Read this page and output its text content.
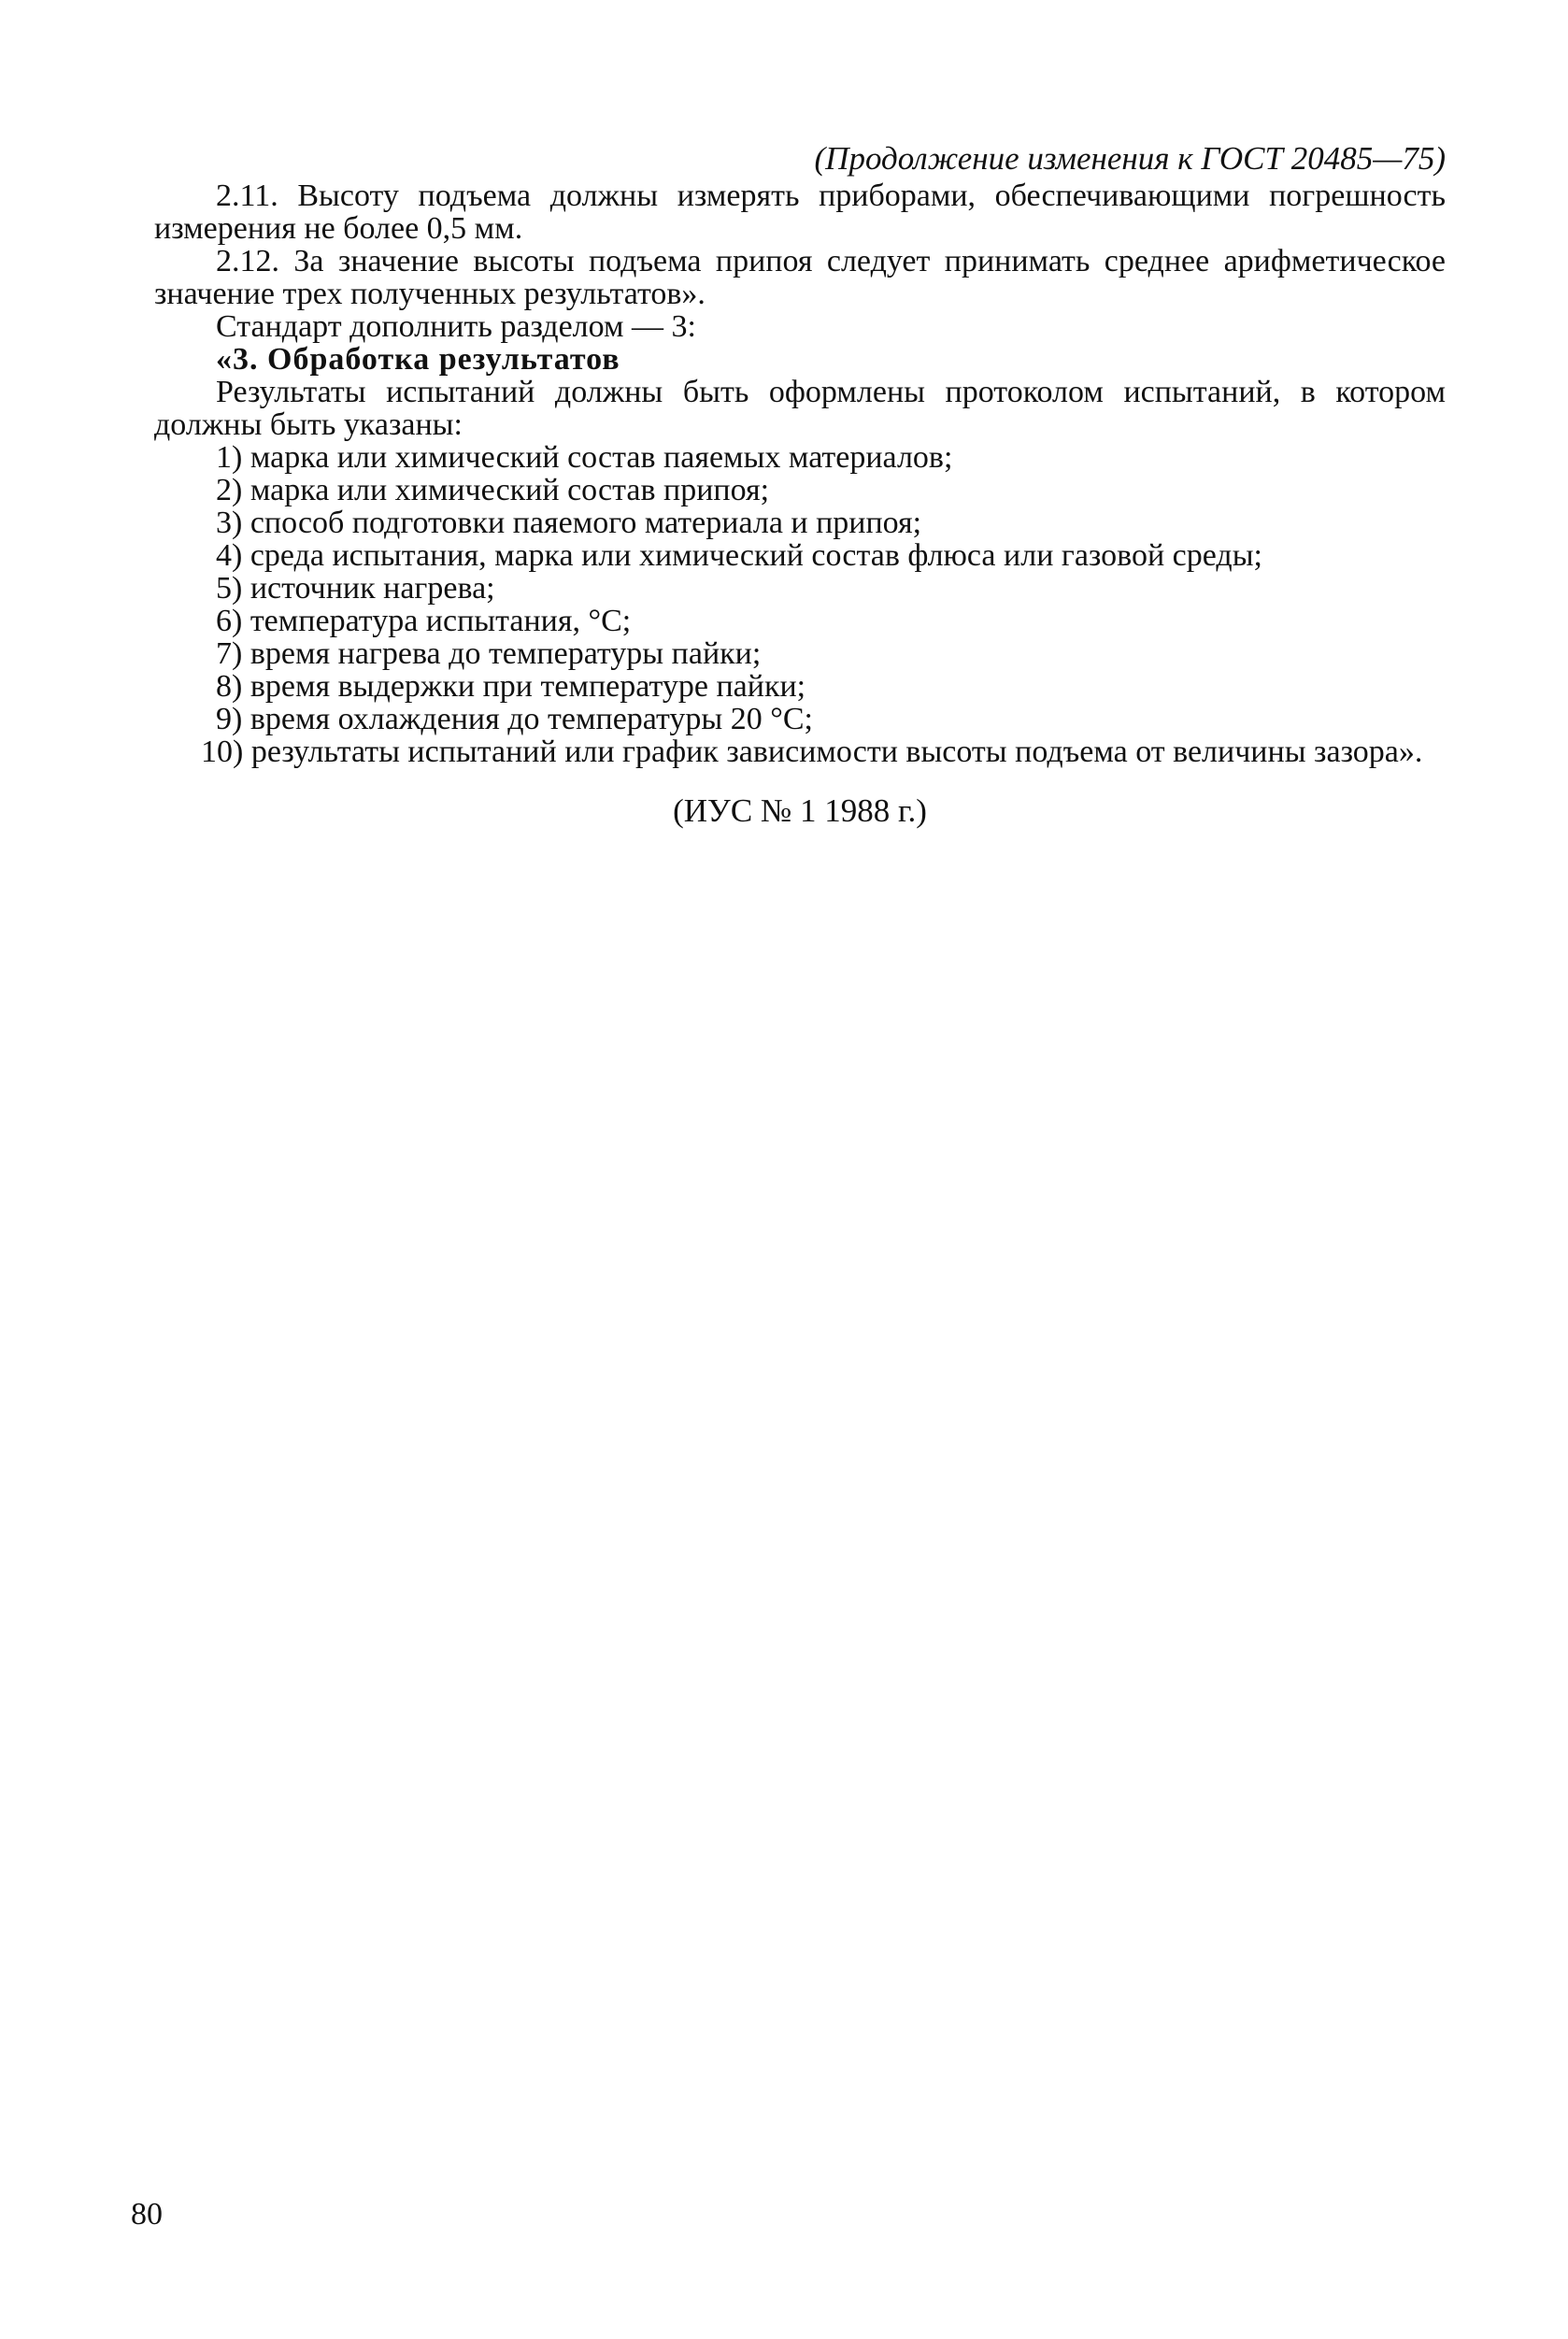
(Продолжение изменения к ГОСТ 20485—75)

2.11. Высоту подъема должны измерять приборами, обеспечивающими погрешность измерения не более 0,5 мм.

2.12. За значение высоты подъема припоя следует принимать среднее арифметическое значение трех полученных результатов».

Стандарт дополнить разделом — 3:

«3. Обработка результатов

Результаты испытаний должны быть оформлены протоколом испытаний, в котором должны быть указаны:

1) марка или химический состав паяемых материалов;
2) марка или химический состав припоя;
3) способ подготовки паяемого материала и припоя;
4) среда испытания, марка или химический состав флюса или газовой среды;
5) источник нагрева;
6) температура испытания, °С;
7) время нагрева до температуры пайки;
8) время выдержки при температуре пайки;
9) время охлаждения до температуры 20 °С;
10) результаты испытаний или график зависимости высоты подъема от величины зазора».
(ИУС № 1 1988 г.)
80
